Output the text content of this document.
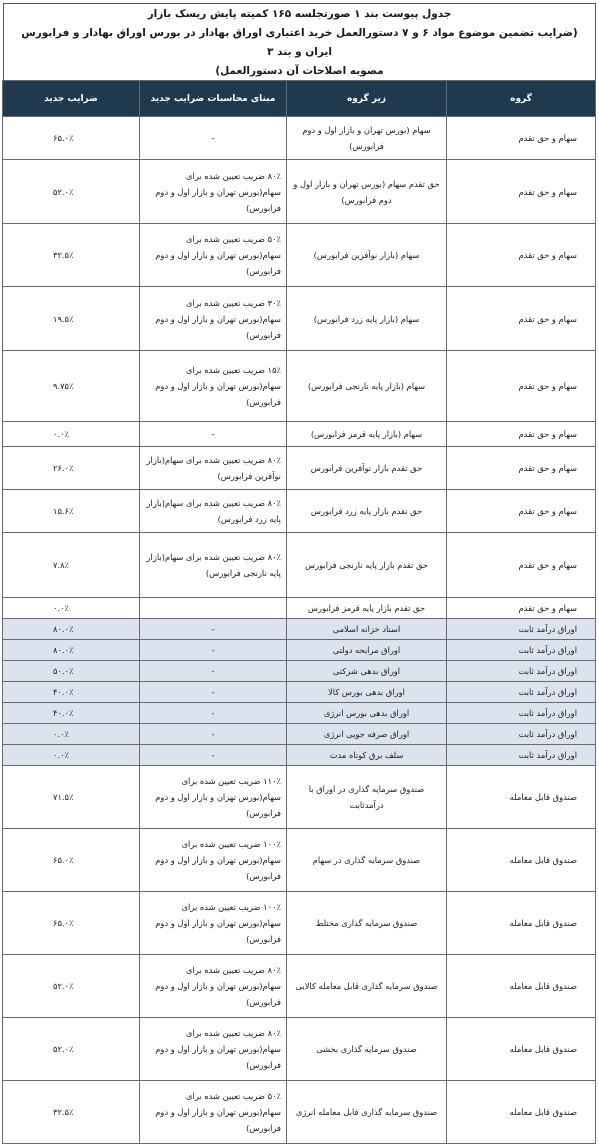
جدول پیوست بند ۱ صورتجلسه ۱۶۵ کمیته پایش ریسک بازار
(ضرایب تضمین موضوع مواد ۶ و ۷ دستورالعمل خرید اعتباری اوراق بهادار در بورس اوراق بهادار و فرابورس ایران و بند ۳
مصوبه اصلاحات آن دستورالعمل)
گروه	زیر گروه	مبنای محاسبات ضرایب جدید	ضرایب جدید
سهام و حق تقدم	سهام (بورس تهران و بازار اول و دوم فرابورس)	-	۶۵.۰٪
سهام و حق تقدم	حق تقدم سهام (بورس تهران و بازار اول و دوم فرابورس)	۸۰٪ ضریب تعیین شده برای سهام(بورس تهران و بازار اول و دوم فرابورس)	۵۲.۰٪
سهام و حق تقدم	سهام (بازار نوآفرین فرابورس)	۵۰٪ ضریب تعیین شده برای سهام(بورس تهران و بازار اول و دوم فرابورس)	۳۲.۵٪
سهام و حق تقدم	سهام (بازار پایه زرد فرابورس)	۳۰٪ ضریب تعیین شده برای سهام(بورس تهران و بازار اول و دوم فرابورس)	۱۹.۵٪
سهام و حق تقدم	سهام (بازار پایه نارنجی فرابورس)	۱۵٪ ضریب تعیین شده برای سهام(بورس تهران و بازار اول و دوم فرابورس)	۹.۷۵٪
سهام و حق تقدم	سهام (بازار پایه قرمز فرابورس)	-	۰.۰٪
سهام و حق تقدم	حق تقدم بازار نوآفرین فرابورس	۸۰٪ ضریب تعیین شده برای سهام(بازار نوآفرین فرابورس)	۲۶.۰٪
سهام و حق تقدم	حق تقدم بازار پایه زرد فرابورس	۸۰٪ ضریب تعیین شده برای سهام(بازار پایه زرد فرابورس)	۱۵.۶٪
سهام و حق تقدم	حق تقدم بازار پایه نارنجی فرابورس	۸۰٪ ضریب تعیین شده برای سهام(بازار پایه نارنجی فرابورس)	۷.۸٪
سهام و حق تقدم	حق تقدم بازار پایه قرمز فرابورس		۰.۰٪
اوراق درآمد ثابت	اسناد خزانه اسلامی	-	۸۰.۰٪
اوراق درآمد ثابت	اوراق مرابحه دولتی	-	۸۰.۰٪
اوراق درآمد ثابت	اوراق بدهی شرکتی	-	۵۰.۰٪
اوراق درآمد ثابت	اوراق بدهی بورس کالا	-	۴۰.۰٪
اوراق درآمد ثابت	اوراق بدهی بورس انرژی	-	۴۰.۰٪
اوراق درآمد ثابت	اوراق صرفه جویی انرژی	-	۰.۰٪
اوراق درآمد ثابت	سلف برق کوتاه مدت	-	۰.۰٪
صندوق قابل معامله	صندوق سرمایه گذاری در اوراق با درآمدثابت	۱۱۰٪ ضریب تعیین شده برای سهام(بورس تهران و بازار اول و دوم فرابورس)	۷۱.۵٪
صندوق قابل معامله	صندوق سرمایه گذاری در سهام	۱۰۰٪ ضریب تعیین شده برای سهام(بورس تهران و بازار اول و دوم فرابورس)	۶۵.۰٪
صندوق قابل معامله	صندوق سرمایه گذاری مختلط	۱۰۰٪ ضریب تعیین شده برای سهام(بورس تهران و بازار اول و دوم فرابورس)	۶۵.۰٪
صندوق قابل معامله	صندوق سرمایه گذاری قابل معامله کالایی	۸۰٪ ضریب تعیین شده برای سهام(بورس تهران و بازار اول و دوم فرابورس)	۵۲.۰٪
صندوق قابل معامله	صندوق سرمایه گذاری بخشی	۸۰٪ ضریب تعیین شده برای سهام(بورس تهران و بازار اول و دوم فرابورس)	۵۲.۰٪
صندوق قابل معامله	صندوق سرمایه گذاری قابل معامله انرژی	۵۰٪ ضریب تعیین شده برای سهام(بورس تهران و بازار اول و دوم فرابورس)	۳۲.۵٪
